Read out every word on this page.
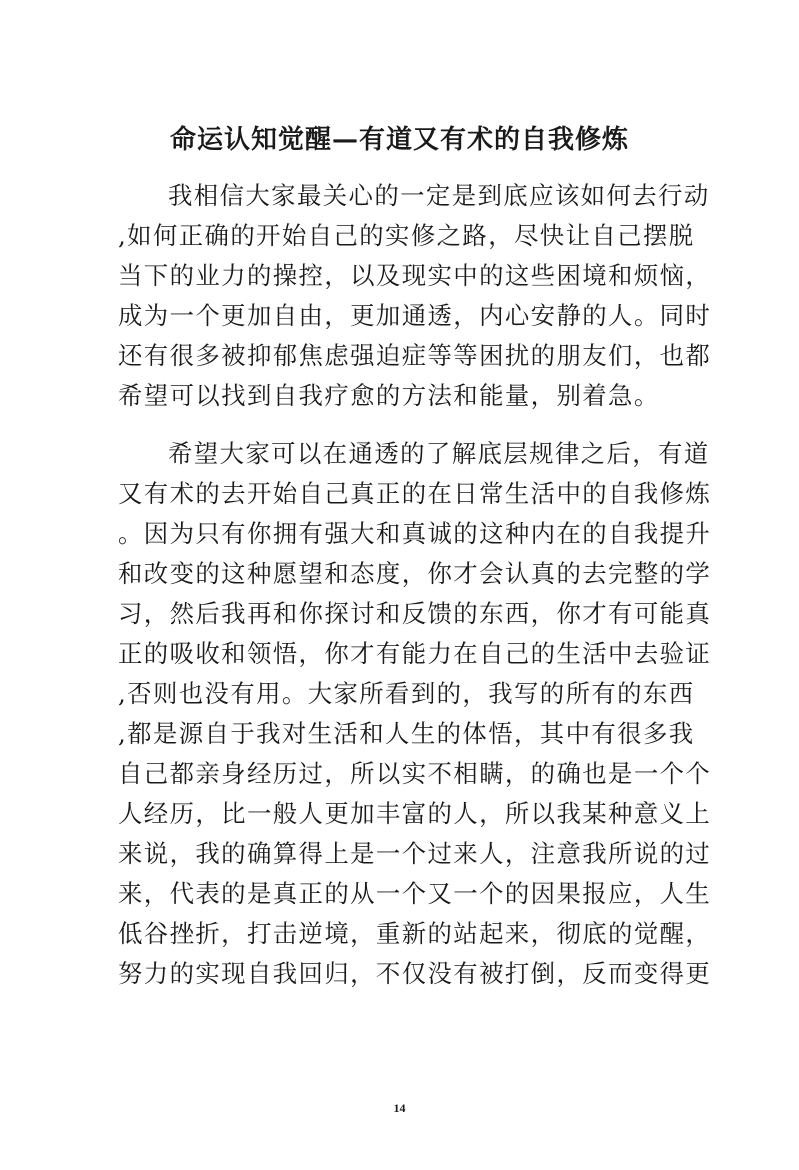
命运认知觉醒—有道又有术的自我修炼
我相信大家最关心的一定是到底应该如何去行动
,如何正确的开始自己的实修之路，尽快让自己摆脱
当下的业力的操控，以及现实中的这些困境和烦恼，
成为一个更加自由，更加通透，内心安静的人。同时
还有很多被抑郁焦虑强迫症等等困扰的朋友们，也都
希望可以找到自我疗愈的方法和能量，别着急。
希望大家可以在通透的了解底层规律之后，有道
又有术的去开始自己真正的在日常生活中的自我修炼
。因为只有你拥有强大和真诚的这种内在的自我提升
和改变的这种愿望和态度，你才会认真的去完整的学
习，然后我再和你探讨和反馈的东西，你才有可能真
正的吸收和领悟，你才有能力在自己的生活中去验证
,否则也没有用。大家所看到的，我写的所有的东西
,都是源自于我对生活和人生的体悟，其中有很多我
自己都亲身经历过，所以实不相瞒，的确也是一个个
人经历，比一般人更加丰富的人，所以我某种意义上
来说，我的确算得上是一个过来人，注意我所说的过
来，代表的是真正的从一个又一个的因果报应，人生
低谷挫折，打击逆境，重新的站起来，彻底的觉醒，
努力的实现自我回归，不仅没有被打倒，反而变得更
14
